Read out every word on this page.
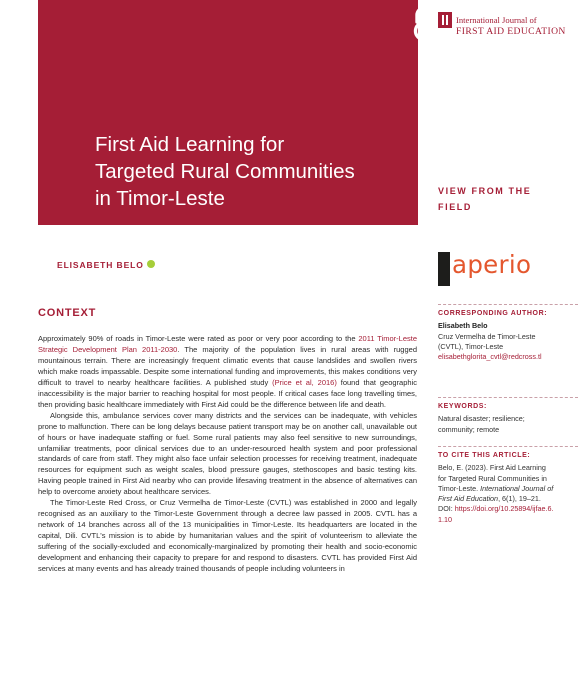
First Aid Learning for
Targeted Rural Communities
in Timor-Leste
International Journal of
FIRST AID EDUCATION
VIEW FROM THE FIELD
ELISABETH BELO	aperio
CONTEXT

Approximately 90% of roads in Timor-Leste were rated as poor or very poor according to the 2011 Timor-Leste Strategic Development Plan 2011-2030. The majority of the population lives in rural areas with rugged mountainous terrain. There are increasingly frequent climatic events that cause landslides and swollen rivers which make roads impassable. Despite some international funding and improvements, this makes conditions very difficult to travel to nearby healthcare facilities. A published study (Price et al, 2016) found that geographic inaccessibility is the major barrier to reaching hospital for most people. If critical cases face long travelling times, then providing basic healthcare immediately with First Aid could be the difference between life and death.

Alongside this, ambulance services cover many districts and the services can be inadequate, with vehicles prone to malfunction. There can be long delays because patient transport may be on another call, unavailable out of hours or have inadequate staffing or fuel. Some rural patients may also feel sensitive to new surroundings, unfamiliar treatments, poor clinical services due to an under-resourced health system and poor professional standards of care from staff. They might also face unfair selection processes for receiving treatment, inadequate resources for equipment such as weight scales, blood pressure gauges, stethoscopes and basic testing kits. Having people trained in First Aid nearby who can provide lifesaving treatment in the absence of alternatives can help to overcome anxiety about healthcare services.

The Timor-Leste Red Cross, or Cruz Vermelha de Timor-Leste (CVTL) was established in 2000 and legally recognised as an auxiliary to the Timor-Leste Government through a decree law passed in 2005. CVTL has a network of 14 branches across all of the 13 municipalities in Timor-Leste. Its headquarters are located in the capital, Dili. CVTL's mission is to abide by humanitarian values and the spirit of volunteerism to alleviate the suffering of the socially-excluded and economically-marginalized by promoting their health and socio-economic development and enhancing their capacity to prepare for and respond to disasters. CVTL has provided First Aid services at many events and has already trained thousands of people including volunteers in

CORRESPONDING AUTHOR:
Elisabeth Belo
Cruz Vermelha de Timor-Leste (CVTL), Timor-Leste
elisabethglorita_cvtl@redcross.tl
KEYWORDS:
Natural disaster; resilience; community; remote
TO CITE THIS ARTICLE:
Belo, E. (2023). First Aid Learning for Targeted Rural Communities in Timor-Leste. International Journal of First Aid Education, 6(1), 19–21. DOI: https://doi.org/10.25894/ijfae.6.1.10
